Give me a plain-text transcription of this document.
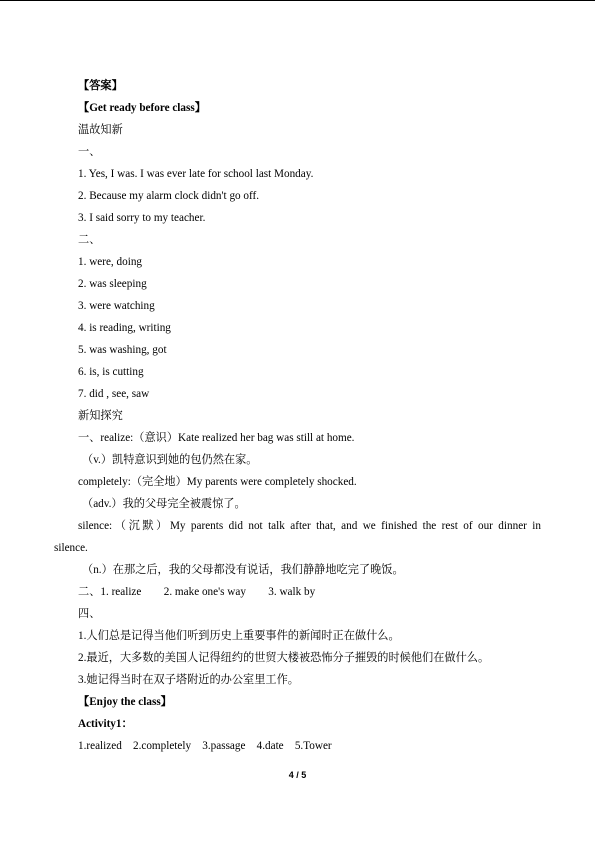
【答案】
【Get ready before class】
温故知新
一、
1. Yes, I was. I was ever late for school last Monday.
2. Because my alarm clock didn't go off.
3. I said sorry to my teacher.
二、
1. were, doing
2. was sleeping
3. were watching
4. is reading, writing
5. was washing, got
6. is, is cutting
7. did , see, saw
新知探究
一、realize:（意识）Kate realized her bag was still at home.
（v.）凯特意识到她的包仍然在家。
completely:（完全地）My parents were completely shocked.
（adv.）我的父母完全被震惊了。
silence:（沉默）My parents did not talk after that, and we finished the rest of our dinner in
silence.
（n.）在那之后，我的父母都没有说话，我们静静地吃完了晚饭。
二、1. realize　　2. make one's way　　3. walk by
四、
1.人们总是记得当他们听到历史上重要事件的新闻时正在做什么。
2.最近，大多数的美国人记得纽约的世贸大楼被恐怖分子摧毁的时候他们在做什么。
3.她记得当时在双子塔附近的办公室里工作。
【Enjoy the class】
Activity1：
1.realized　2.completely　3.passage　4.date　5.Tower
4 / 5
